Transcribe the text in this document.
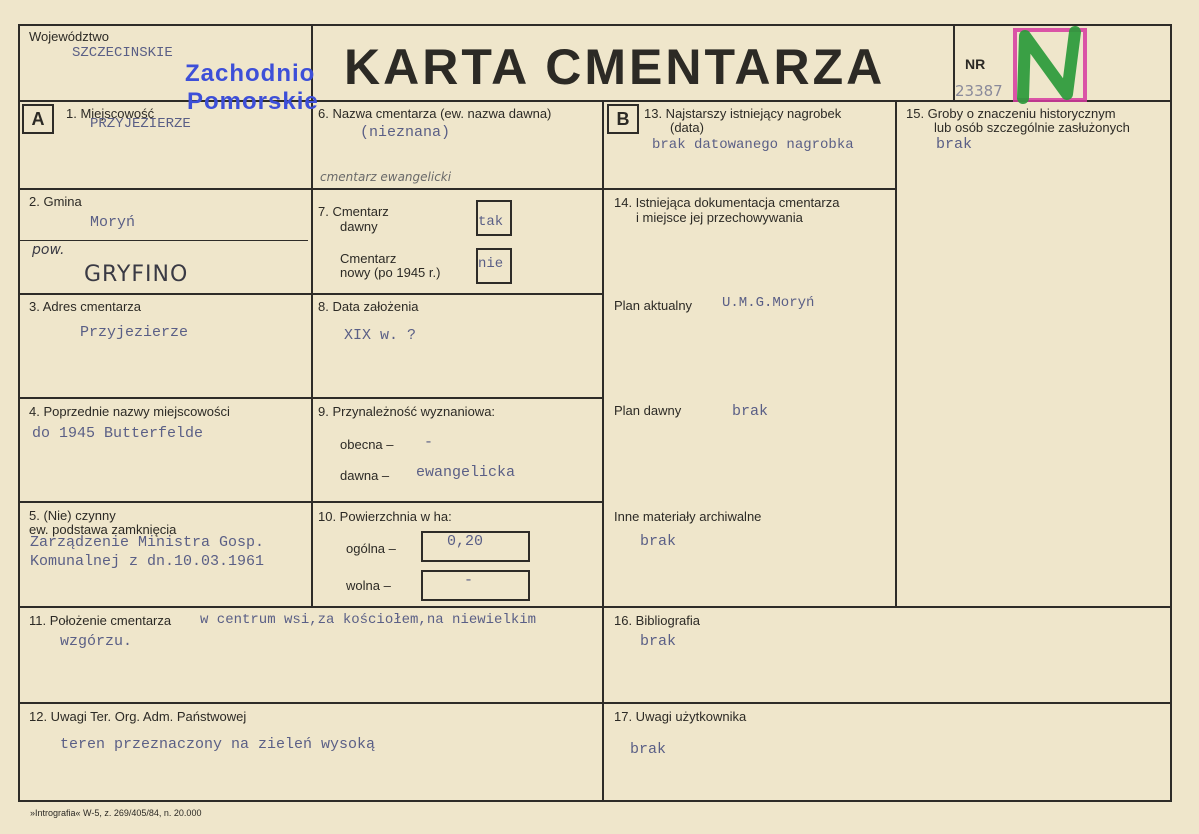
Województwo
SZCZECINSKIE
Zachodnio
Pomorskie
KARTA CMENTARZA	NR
23387
A	1. Miejscowość
PRZYJEZIERZE
2. Gmina
Moryń
pow.
GRYFINO
3. Adres cmentarza
Przyjezierze
4. Poprzednie nazwy miejscowości
do 1945 Butterfelde
5. (Nie) czynny
ew. podstawa zamknięcia
Zarządzenie Ministra Gosp.
Komunalnej z dn.10.03.1961
6. Nazwa cmentarza (ew. nazwa dawna)
(nieznana)
cmentarz ewangelicki
7. Cmentarz
dawny	tak
Cmentarz
nowy (po 1945 r.)
nie
8. Data założenia
XIX w. ?
9. Przynależność wyznaniowa:
obecna – -
dawna – ewangelicka
10. Powierzchnia w ha:
ogólna –	0,20
wolna –	-
B	13. Najstarszy istniejący nagrobek
(data)
brak datowanego nagrobka
14. Istniejąca dokumentacja cmentarza
i miejsce jej przechowywania
Plan aktualny U.M.G.Moryń
Plan dawny	brak
Inne materiały archiwalne
brak
15. Groby o znaczeniu historycznym
lub osób szczególnie zasłużonych
brak
11. Położenie cmentarza w centrum wsi,za kościołem,na niewielkim
wzgórzu.
16. Bibliografia
brak
12. Uwagi Ter. Org. Adm. Państwowej
teren przeznaczony na zieleń wysoką
17. Uwagi użytkownika
brak
»Intrografia« W-5, z. 269/405/84, n. 20.000
